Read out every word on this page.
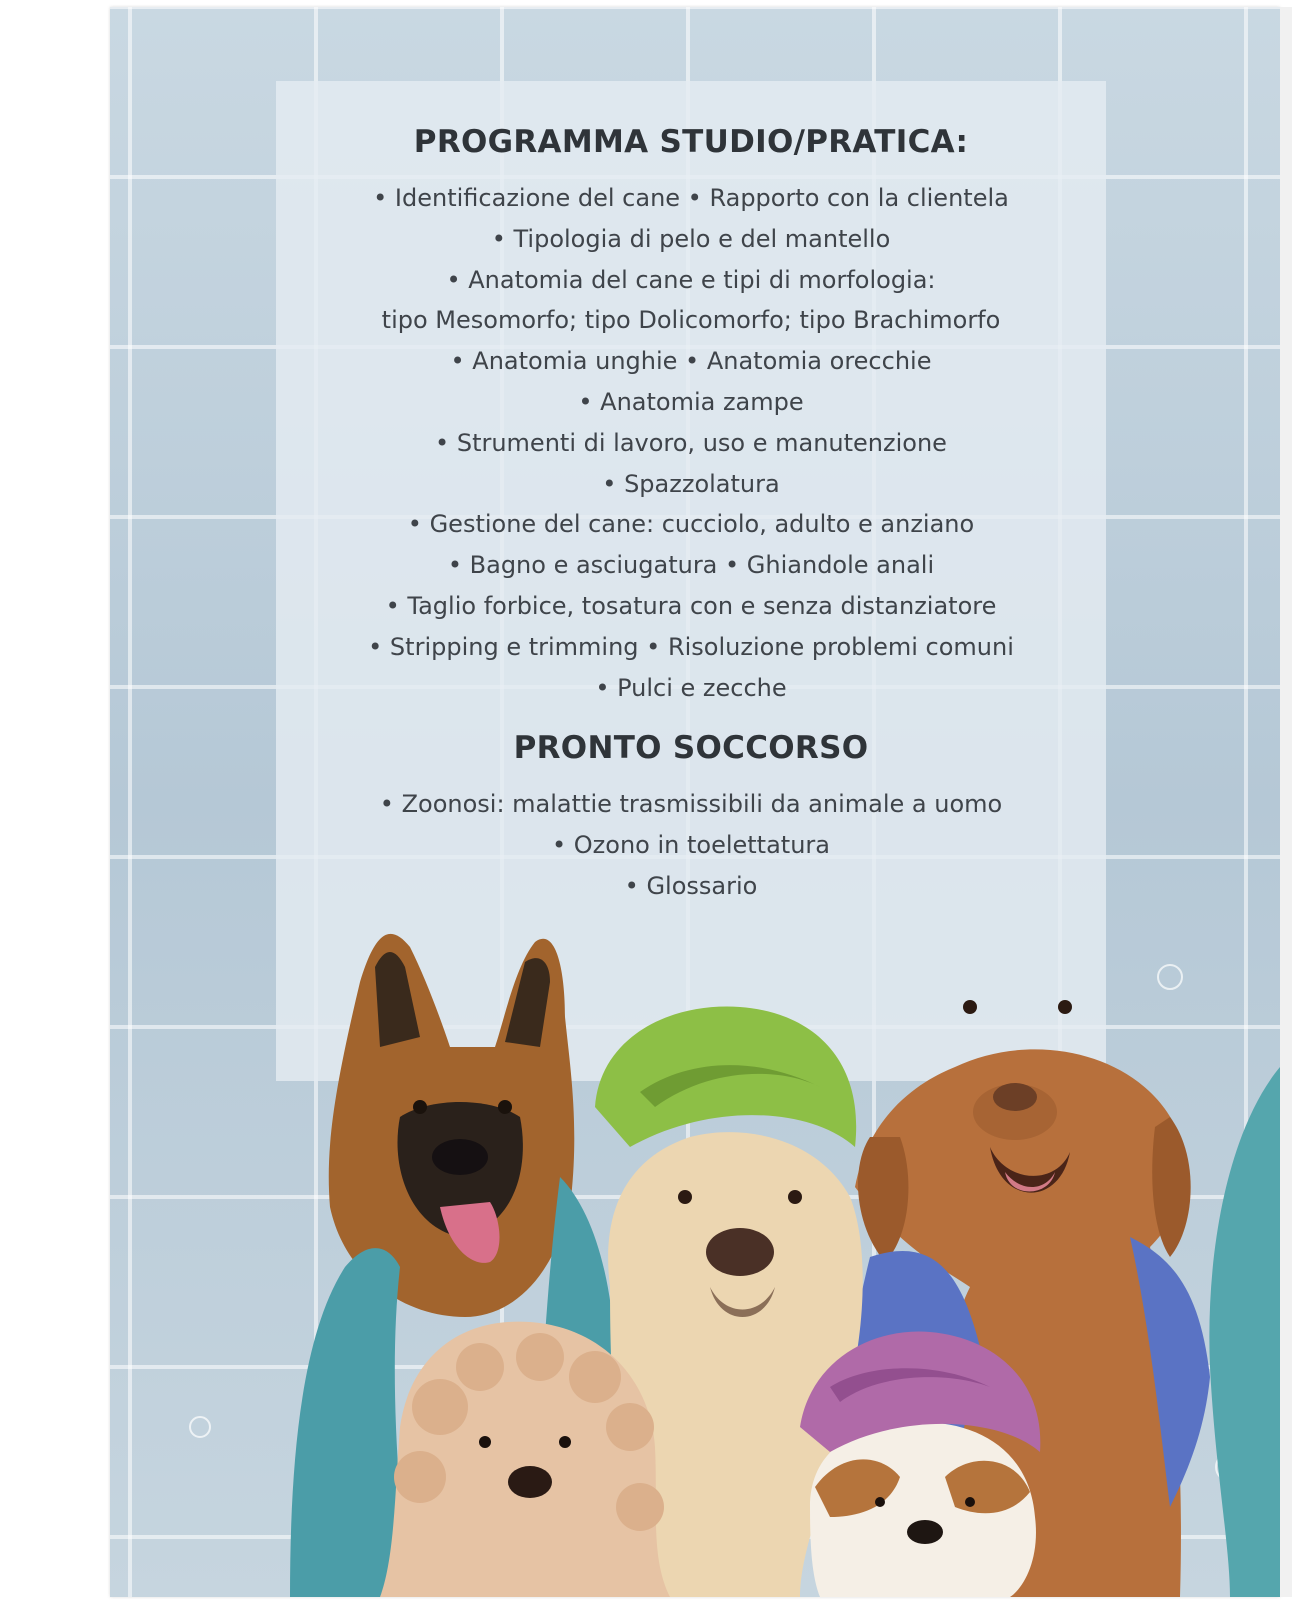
PROGRAMMA STUDIO/PRATICA:
• Identificazione del cane • Rapporto con la clientela
• Tipologia di pelo e del mantello
• Anatomia del cane e tipi di morfologia:
tipo Mesomorfo; tipo Dolicomorfo; tipo Brachimorfo
• Anatomia unghie • Anatomia orecchie
• Anatomia zampe
• Strumenti di lavoro, uso e manutenzione
• Spazzolatura
• Gestione del cane: cucciolo, adulto e anziano
• Bagno e asciugatura • Ghiandole anali
• Taglio forbice, tosatura con e senza distanziatore
• Stripping e trimming • Risoluzione problemi comuni
• Pulci e zecche
PRONTO SOCCORSO
• Zoonosi: malattie trasmissibili da animale a uomo
• Ozono in toelettatura
• Glossario
